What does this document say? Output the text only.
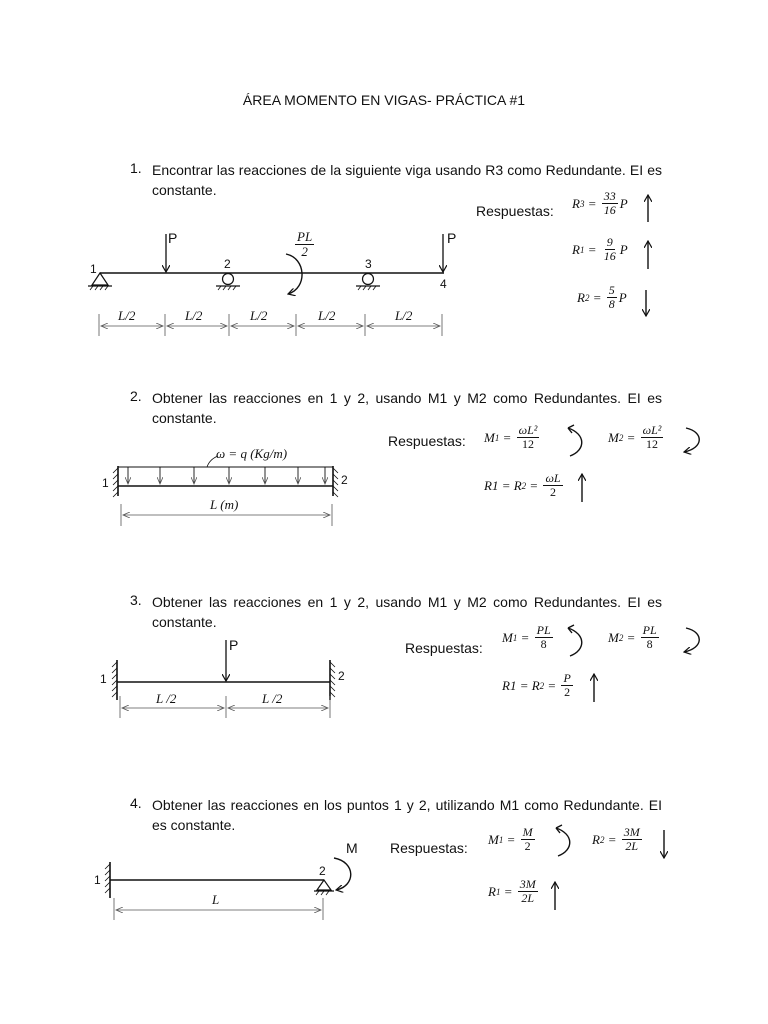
ÁREA MOMENTO EN VIGAS- PRÁCTICA #1
1. Encontrar las reacciones de la siguiente viga usando R3 como Redundante. EI es constante.
Respuestas: R $3 = \frac{33}{16}$ P
R $1 = \frac{9}{16}$ P
R $2 = \frac{5}{8}$ P
P	P
PL
2
1	2	3
4
L/2	L/2	L/2	L/2	L/2
2. Obtener las reacciones en 1 y 2, usando M1 y M2 como Redundantes. EI es constante.
Respuestas: M $1 = \frac{\text{ωL²}}{12}$	M $2 = \frac{\text{ωL²}}{12}$
R1 = R $2 = \frac{\omega L}{2}$
ω = q (Kg/m)
1	2
L (m)
3. Obtener las reacciones en 1 y 2, usando M1 y M2 como Redundantes. EI es constante.
Respuestas:
M $1 = \frac{PL}{8}$	M $2 = \frac{PL}{8}$
R1 = R $2 = \frac{P}{2}$
P
1	2
L /2	L /2
4. Obtener las reacciones en los puntos 1 y 2, utilizando M1 como Redundante. EI es constante.
Respuestas:
M $1 = \frac{M}{2}$	R $2 = \frac{3M}{2L}$
R $1 = \frac{3M}{2L}$
M
1
2
L
